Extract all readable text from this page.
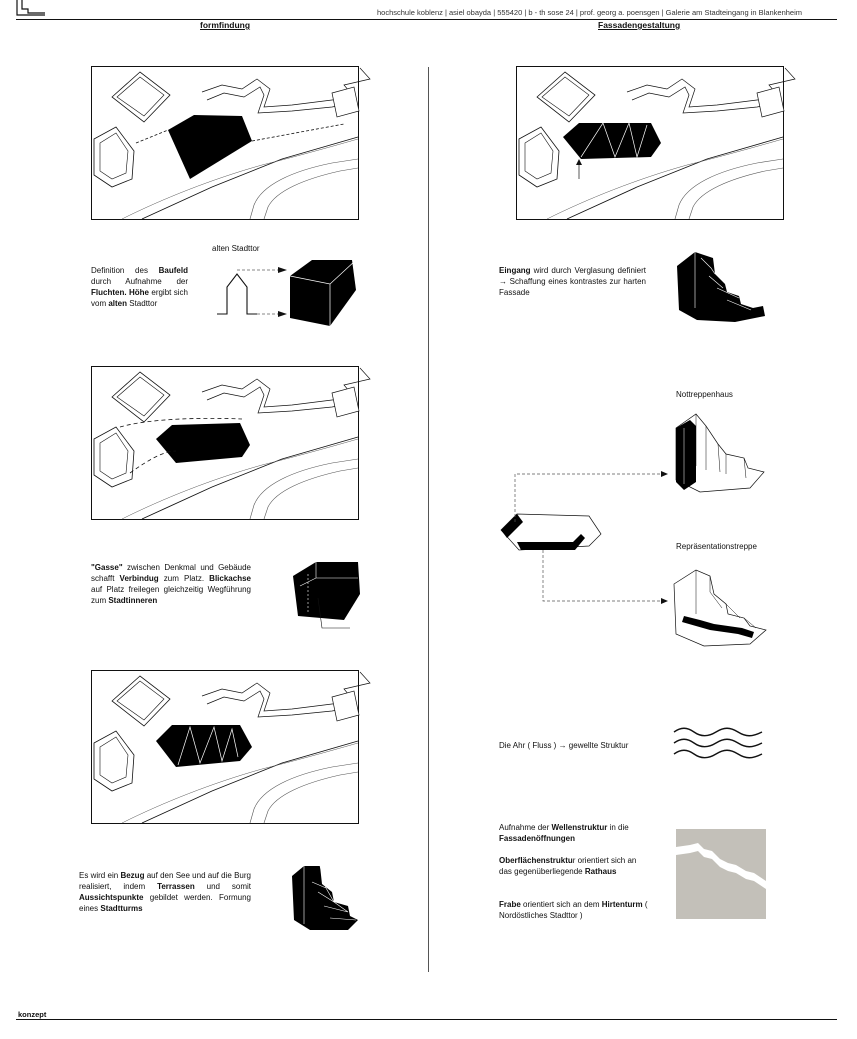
hochschule koblenz | asiel obayda | 555420 | b - th sose 24 | prof. georg a. poensgen | Galerie am Stadteingang in Blankenheim
formfindung	Fassadengestaltung
alten Stadttor
Definition des Baufeld durch Aufnahme der Fluchten. Höhe ergibt sich vom alten Stadttor
"Gasse" zwischen Denkmal und Gebäude schafft Verbindug zum Platz. Blickachse auf Platz freilegen gleichzeitig Wegführung zum Stadtinneren
Es wird ein Bezug auf den See und auf die Burg realisiert, indem Terrassen und somit Aussichtspunkte gebildet werden. Formung eines Stadtturms
Eingang wird durch Verglasung definiert → Schaffung eines kontrastes zur harten Fassade
Nottreppenhaus
Repräsentationstreppe
Die Ahr ( Fluss ) → gewellte Struktur
Aufnahme der Wellenstruktur in die Fassadenöffnungen
Oberflächenstruktur orientiert sich an das gegenüberliegende Rathaus
Frabe orientiert sich an dem Hirtenturm ( Nordöstliches Stadttor )
konzept
